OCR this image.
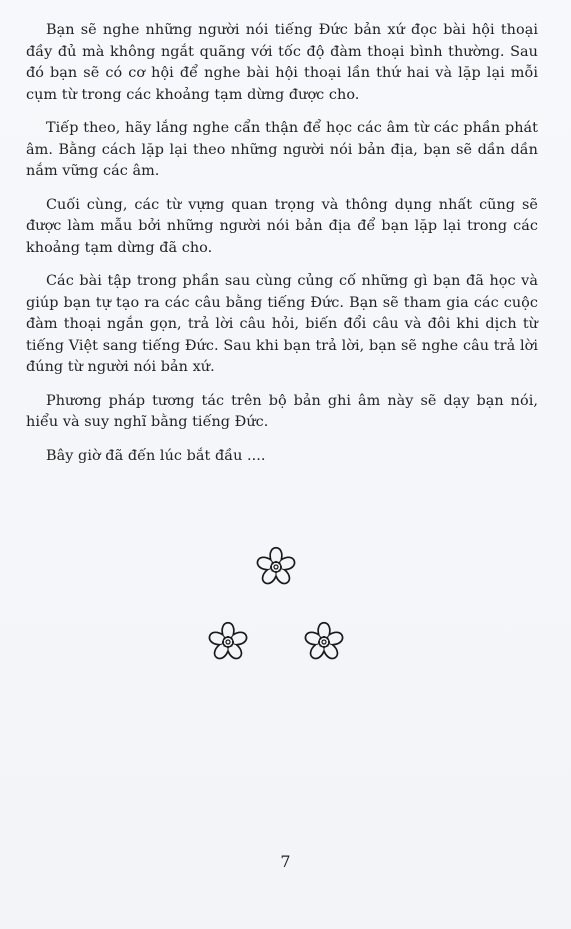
Bạn sẽ nghe những người nói tiếng Đức bản xứ đọc bài hội thoại đầy đủ mà không ngắt quãng với tốc độ đàm thoại bình thường. Sau đó bạn sẽ có cơ hội để nghe bài hội thoại lần thứ hai và lặp lại mỗi cụm từ trong các khoảng tạm dừng được cho.

Tiếp theo, hãy lắng nghe cẩn thận để học các âm từ các phần phát âm. Bằng cách lặp lại theo những người nói bản địa, bạn sẽ dần dần nắm vững các âm.

Cuối cùng, các từ vựng quan trọng và thông dụng nhất cũng sẽ được làm mẫu bởi những người nói bản địa để bạn lặp lại trong các khoảng tạm dừng đã cho.

Các bài tập trong phần sau cùng củng cố những gì bạn đã học và giúp bạn tự tạo ra các câu bằng tiếng Đức. Bạn sẽ tham gia các cuộc đàm thoại ngắn gọn, trả lời câu hỏi, biến đổi câu và đôi khi dịch từ tiếng Việt sang tiếng Đức. Sau khi bạn trả lời, bạn sẽ nghe câu trả lời đúng từ người nói bản xứ.

Phương pháp tương tác trên bộ bản ghi âm này sẽ dạy bạn nói, hiểu và suy nghĩ bằng tiếng Đức.

Bây giờ đã đến lúc bắt đầu ....

7
